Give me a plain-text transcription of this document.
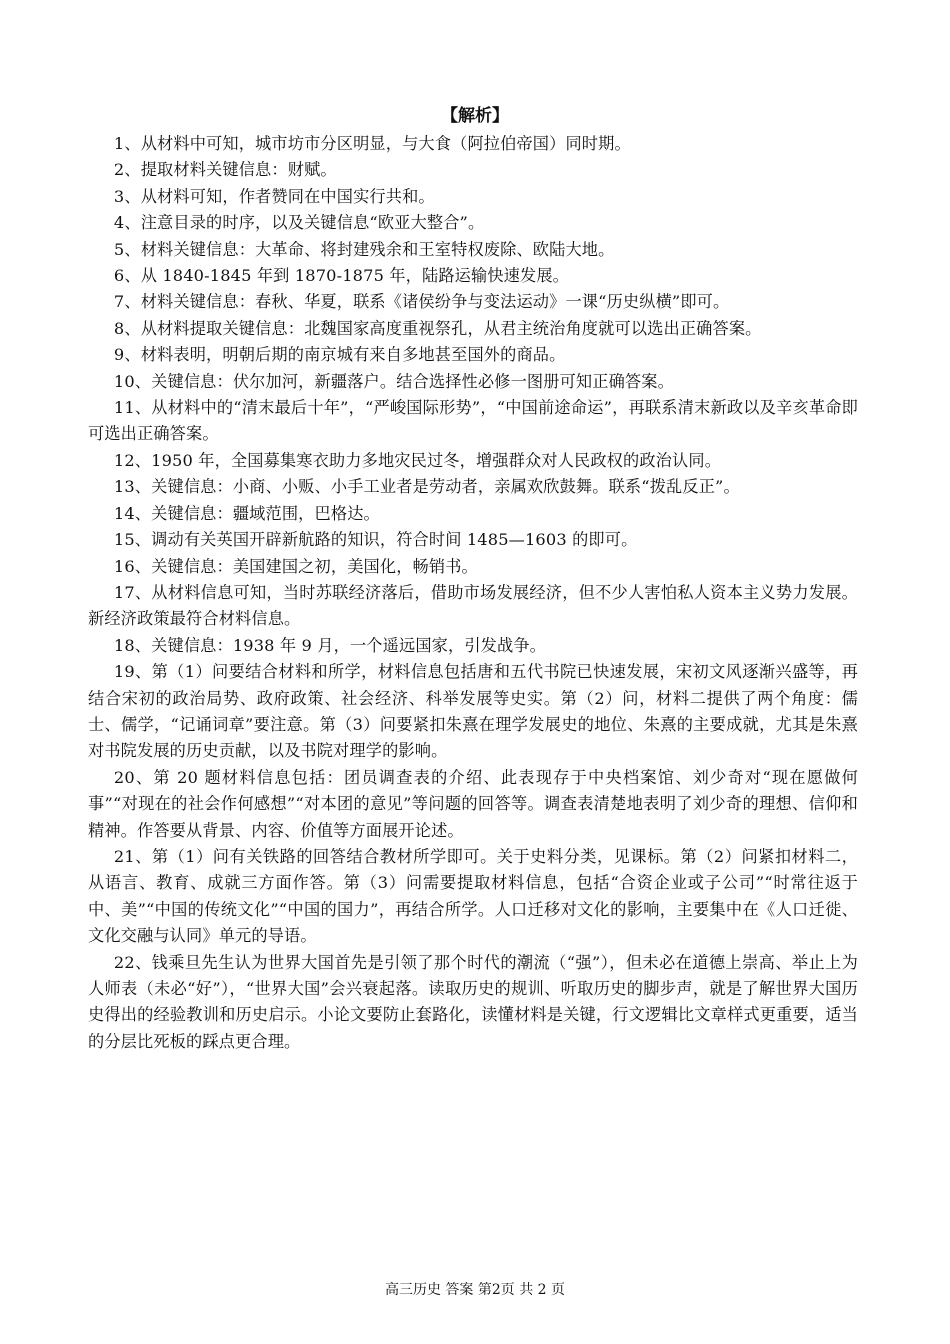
【解析】

1、从材料中可知，城市坊市分区明显，与大食（阿拉伯帝国）同时期。

2、提取材料关键信息：财赋。

3、从材料可知，作者赞同在中国实行共和。

4、注意目录的时序，以及关键信息“欧亚大整合”。

5、材料关键信息：大革命、将封建残余和王室特权废除、欧陆大地。

6、从 1840-1845 年到 1870-1875 年，陆路运输快速发展。

7、材料关键信息：春秋、华夏，联系《诸侯纷争与变法运动》一课“历史纵横”即可。

8、从材料提取关键信息：北魏国家高度重视祭孔，从君主统治角度就可以选出正确答案。

9、材料表明，明朝后期的南京城有来自多地甚至国外的商品。

10、关键信息：伏尔加河，新疆落户。结合选择性必修一图册可知正确答案。

11、从材料中的“清末最后十年”，“严峻国际形势”，“中国前途命运”，再联系清末新政以及辛亥革命即可选出正确答案。

12、1950 年，全国募集寒衣助力多地灾民过冬，增强群众对人民政权的政治认同。

13、关键信息：小商、小贩、小手工业者是劳动者，亲属欢欣鼓舞。联系“拨乱反正”。

14、关键信息：疆域范围，巴格达。

15、调动有关英国开辟新航路的知识，符合时间 1485—1603 的即可。

16、关键信息：美国建国之初，美国化，畅销书。

17、从材料信息可知，当时苏联经济落后，借助市场发展经济，但不少人害怕私人资本主义势力发展。新经济政策最符合材料信息。

18、关键信息：1938 年 9 月，一个遥远国家，引发战争。

19、第（1）问要结合材料和所学，材料信息包括唐和五代书院已快速发展，宋初文风逐渐兴盛等，再结合宋初的政治局势、政府政策、社会经济、科举发展等史实。第（2）问，材料二提供了两个角度：儒士、儒学，“记诵词章”要注意。第（3）问要紧扣朱熹在理学发展史的地位、朱熹的主要成就，尤其是朱熹对书院发展的历史贡献，以及书院对理学的影响。

20、第 20 题材料信息包括：团员调查表的介绍、此表现存于中央档案馆、刘少奇对“现在愿做何事”“对现在的社会作何感想”“对本团的意见”等问题的回答等。调查表清楚地表明了刘少奇的理想、信仰和精神。作答要从背景、内容、价值等方面展开论述。

21、第（1）问有关铁路的回答结合教材所学即可。关于史料分类，见课标。第（2）问紧扣材料二，从语言、教育、成就三方面作答。第（3）问需要提取材料信息，包括“合资企业或子公司”“时常往返于中、美”“中国的传统文化”“中国的国力”，再结合所学。人口迁移对文化的影响，主要集中在《人口迁徙、文化交融与认同》单元的导语。

22、钱乘旦先生认为世界大国首先是引领了那个时代的潮流（“强”），但未必在道德上崇高、举止上为人师表（未必“好”），“世界大国”会兴衰起落。读取历史的规训、听取历史的脚步声，就是了解世界大国历史得出的经验教训和历史启示。小论文要防止套路化，读懂材料是关键，行文逻辑比文章样式更重要，适当的分层比死板的踩点更合理。

高三历史 答案 第2页 共 2 页
